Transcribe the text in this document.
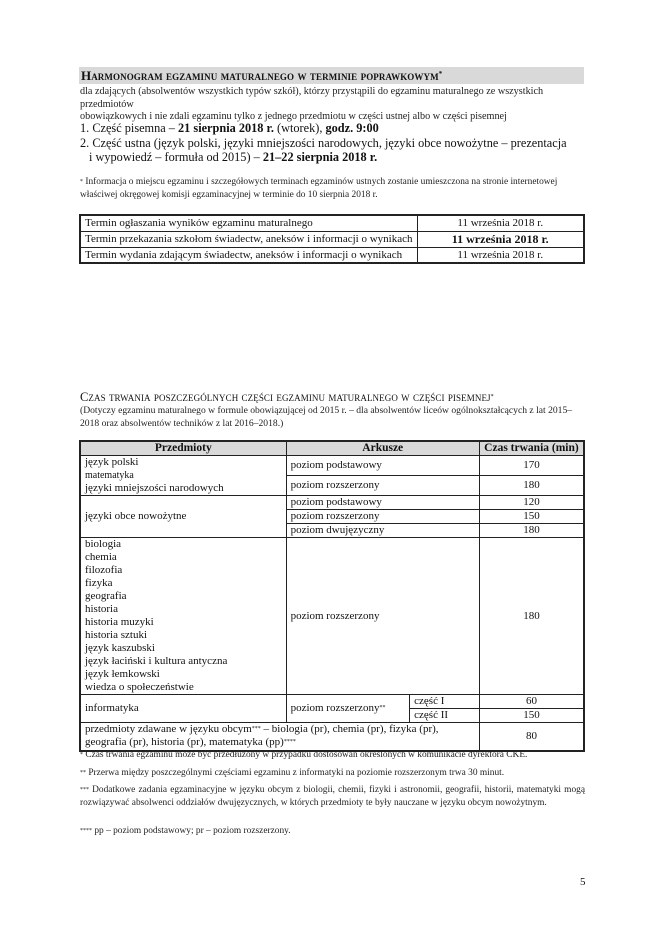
Harmonogram egzaminu maturalnego w terminie poprawkowym*
dla zdających (absolwentów wszystkich typów szkół), którzy przystąpili do egzaminu maturalnego ze wszystkich przedmiotów
obowiązkowych i nie zdali egzaminu tylko z jednego przedmiotu w części ustnej albo w części pisemnej
1. Część pisemna – 21 sierpnia 2018 r. (wtorek), godz. 9:00
2. Część ustna (język polski, języki mniejszości narodowych, języki obce nowożytne – prezentacja
i wypowiedź – formuła od 2015) – 21–22 sierpnia 2018 r.
* Informacja o miejscu egzaminu i szczegółowych terminach egzaminów ustnych zostanie umieszczona na stronie internetowej
właściwej okręgowej komisji egzaminacyjnej w terminie do 10 sierpnia 2018 r.
Termin ogłaszania wyników egzaminu maturalnego	11 września 2018 r.
Termin przekazania szkołom świadectw, aneksów i informacji o wynikach	11 września 2018 r.
Termin wydania zdającym świadectw, aneksów i informacji o wynikach	11 września 2018 r.
Czas trwania poszczególnych części egzaminu maturalnego w części pisemnej*
(Dotyczy egzaminu maturalnego w formule obowiązującej od 2015 r. – dla absolwentów liceów ogólnokształcących z lat 2015–
2018 oraz absolwentów techników z lat 2016–2018.)
Przedmioty	Arkusze		Czas trwania (min)

język polski
matematyka
języki mniejszości narodowych	poziom podstawowy		170
	poziom rozszerzony		180
języki obce nowożytne	poziom podstawowy		120
	poziom rozszerzony		150
	poziom dwujęzyczny		180

biologia
chemia
filozofia
fizyka
geografia
historia
historia muzyki
historia sztuki
język kaszubski
język łaciński i kultura antyczna
język łemkowski
wiedza o społeczeństwie
	poziom rozszerzony	180
informatyka	poziom rozszerzony**	część I	60
		część II	150

przedmioty zdawane w języku obcym*** – biologia (pr), chemia (pr), fizyka (pr),
geografia (pr), historia (pr), matematyka (pp)****			80
* Czas trwania egzaminu może być przedłużony w przypadku dostosowań określonych w komunikacie dyrektora CKE.
** Przerwa między poszczególnymi częściami egzaminu z informatyki na poziomie rozszerzonym trwa 30 minut.
*** Dodatkowe zadania egzaminacyjne w języku obcym z biologii, chemii, fizyki i astronomii, geografii, historii, matematyki mogą rozwiązywać absolwenci oddziałów dwujęzycznych, w których przedmioty te były nauczane w języku obcym nowożytnym.
**** pp – poziom podstawowy; pr – poziom rozszerzony.
5
